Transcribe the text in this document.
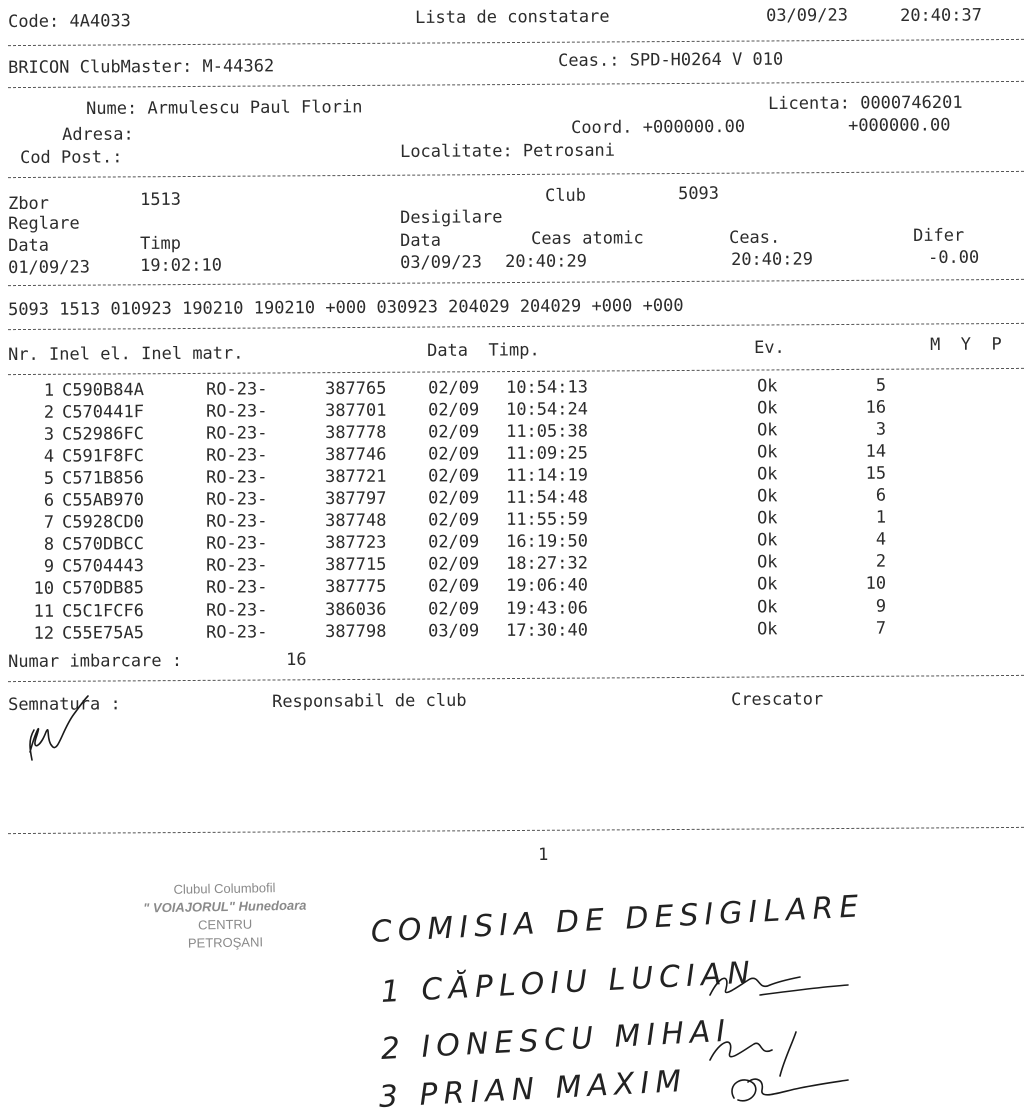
Code: 4A4033	Lista de constatare	03/09/23	20:40:37
BRICON ClubMaster: M-44362	Ceas.: SPD-H0264 V 010
Nume: Armulescu Paul Florin	Licenta: 0000746201
Adresa:	Coord. +000000.00	+000000.00
Cod Post.:	Localitate: Petrosani
Zbor	1513	Club	5093
Reglare	Desigilare
Data	Timp	Data	Ceas atomic	Ceas.	Difer
01/09/23	19:02:10	03/09/23 20:40:29	20:40:29	-0.00
5093 1513 010923 190210 190210 +000 030923 204029 204029 +000 +000
Nr. Inel el. Inel matr.	Data  Timp.	Ev.	M  Y  P
1 C590B84A	RO-23-	387765 02/09 10:54:13	Ok	5
2 C570441F	RO-23-	387701 02/09 10:54:24	Ok	16
3 C52986FC	RO-23-	387778 02/09 11:05:38	Ok	3
4 C591F8FC	RO-23-	387746 02/09 11:09:25	Ok	14
5 C571B856	RO-23-	387721 02/09 11:14:19	Ok	15
6 C55AB970	RO-23-	387797 02/09 11:54:48	Ok	6
7 C5928CD0	RO-23-	387748 02/09 11:55:59	Ok	1
8 C570DBCC	RO-23-	387723 02/09 16:19:50	Ok	4
9 C5704443	RO-23-	387715 02/09 18:27:32	Ok	2
10 C570DB85	RO-23-	387775 02/09 19:06:40	Ok	10
11 C5C1FCF6	RO-23-	386036 02/09 19:43:06	Ok	9
12 C55E75A5	RO-23-	387798 03/09 17:30:40	Ok	7
Numar imbarcare :	16
Semnatura :	Responsabil de club	Crescator
1
Clubul Columbofil
" VOIAJORUL" Hunedoara
CENTRU
PETROŞANI	COMISIA DE DESIGILARE
1 CĂPLOIU LUCIAN
2 IONESCU MIHAI
3 PRIAN MAXIM
